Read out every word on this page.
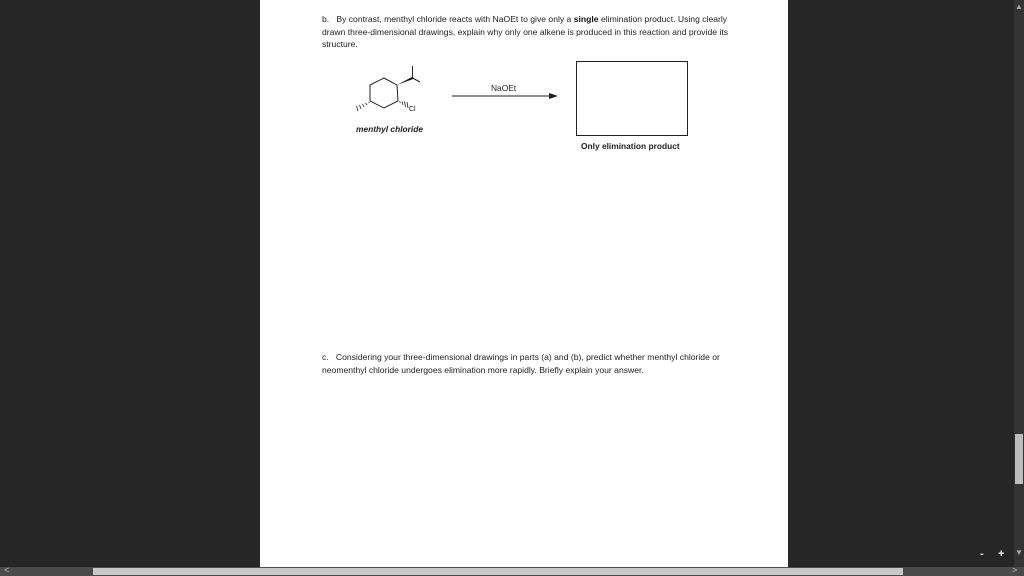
b. By contrast, menthyl chloride reacts with NaOEt to give only a single elimination product. Using clearly drawn three-dimensional drawings, explain why only one alkene is produced in this reaction and provide its structure.

Cl
menthyl chloride
NaOEt
Only elimination product

c. Considering your three-dimensional drawings in parts (a) and (b), predict whether menthyl chloride or neomenthyl chloride undergoes elimination more rapidly. Briefly explain your answer.

▲
▼
- +
<	>
